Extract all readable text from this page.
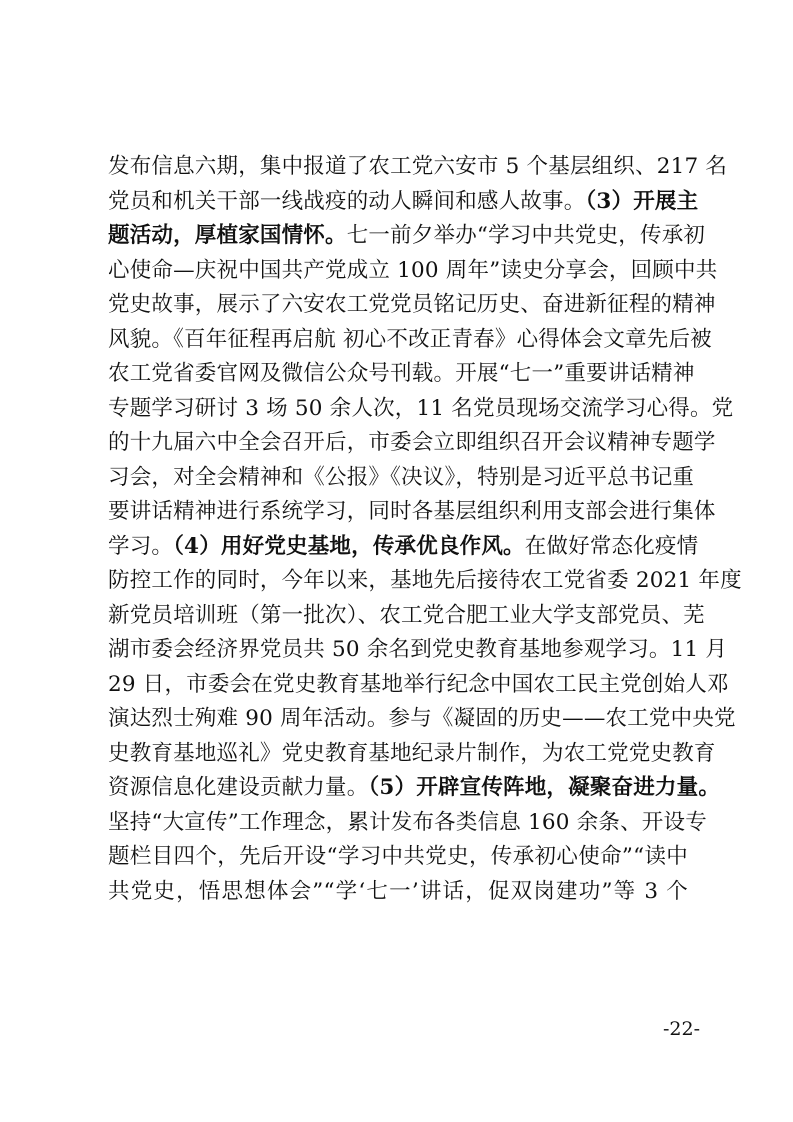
发布信息六期，集中报道了农工党六安市 5 个基层组织、217 名
党员和机关干部一线战疫的动人瞬间和感人故事。（3）开展主
题活动，厚植家国情怀。七一前夕举办“学习中共党史，传承初
心使命—庆祝中国共产党成立 100 周年”读史分享会，回顾中共
党史故事，展示了六安农工党党员铭记历史、奋进新征程的精神
风貌。《百年征程再启航 初心不改正青春》心得体会文章先后被
农工党省委官网及微信公众号刊载。开展“七一”重要讲话精神
专题学习研讨 3 场 50 余人次，11 名党员现场交流学习心得。党
的十九届六中全会召开后，市委会立即组织召开会议精神专题学
习会，对全会精神和《公报》《决议》，特别是习近平总书记重
要讲话精神进行系统学习，同时各基层组织利用支部会进行集体
学习。（4）用好党史基地，传承优良作风。在做好常态化疫情
防控工作的同时，今年以来，基地先后接待农工党省委 2021 年度
新党员培训班（第一批次）、农工党合肥工业大学支部党员、芜
湖市委会经济界党员共 50 余名到党史教育基地参观学习。11 月
29 日，市委会在党史教育基地举行纪念中国农工民主党创始人邓
演达烈士殉难 90 周年活动。参与《凝固的历史——农工党中央党
史教育基地巡礼》党史教育基地纪录片制作，为农工党党史教育
资源信息化建设贡献力量。（5）开辟宣传阵地，凝聚奋进力量。
坚持“大宣传”工作理念，累计发布各类信息 160 余条、开设专
题栏目四个，先后开设“学习中共党史，传承初心使命”“读中
共党史，悟思想体会”“学‘七一’讲话，促双岗建功”等 3 个
-22-
